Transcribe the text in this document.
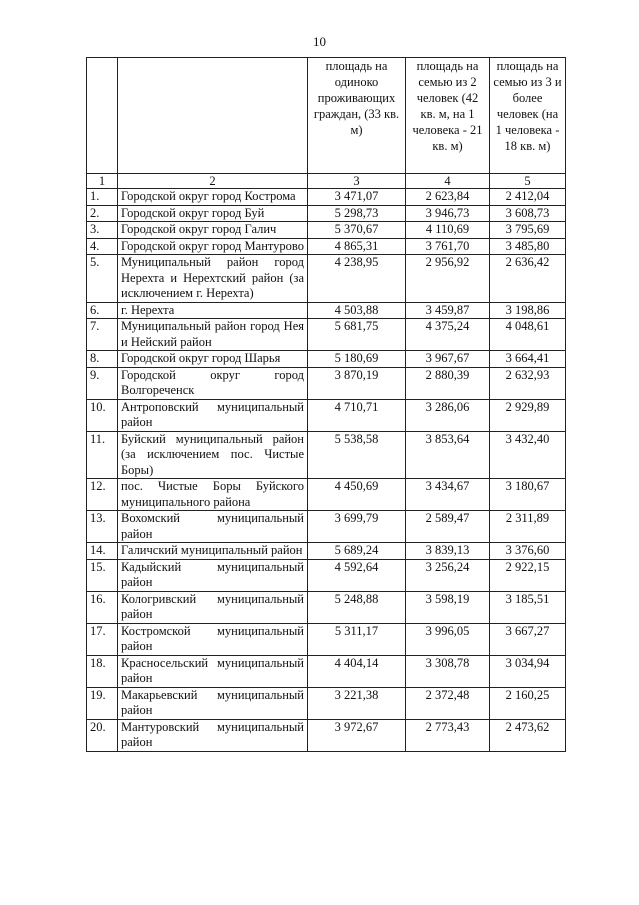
10
		площадь на одиноко проживающих граждан, (33 кв. м)	площадь на семью из 2 человек (42 кв. м, на 1 человека - 21 кв. м)	площадь на семью из 3 и более человек (на 1 человека - 18 кв. м)
1	2	3	4	5
1.	Городской округ город Кострома	3 471,07	2 623,84	2 412,04
2.	Городской округ город Буй	5 298,73	3 946,73	3 608,73
3.	Городской округ город Галич	5 370,67	4 110,69	3 795,69
4.	Городской округ город Мантурово	4 865,31	3 761,70	3 485,80
5.	Муниципальный район город Нерехта и Нерехтский район (за исключением г. Нерехта)	4 238,95	2 956,92	2 636,42
6.	г. Нерехта	4 503,88	3 459,87	3 198,86
7.	Муниципальный район город Нея и Нейский район	5 681,75	4 375,24	4 048,61
8.	Городской округ город Шарья	5 180,69	3 967,67	3 664,41
9.	Городской округ город Волгореченск	3 870,19	2 880,39	2 632,93
10.	Антроповский муниципальный район	4 710,71	3 286,06	2 929,89
11.	Буйский муниципальный район (за исключением пос. Чистые Боры)	5 538,58	3 853,64	3 432,40
12.	пос. Чистые Боры Буйского муниципального района	4 450,69	3 434,67	3 180,67
13.	Вохомский муниципальный район	3 699,79	2 589,47	2 311,89
14.	Галичский муниципальный район	5 689,24	3 839,13	3 376,60
15.	Кадыйский муниципальный район	4 592,64	3 256,24	2 922,15
16.	Кологривский муниципальный район	5 248,88	3 598,19	3 185,51
17.	Костромской муниципальный район	5 311,17	3 996,05	3 667,27
18.	Красносельский муниципальный район	4 404,14	3 308,78	3 034,94
19.	Макарьевский муниципальный район	3 221,38	2 372,48	2 160,25
20.	Мантуровский муниципальный район	3 972,67	2 773,43	2 473,62
